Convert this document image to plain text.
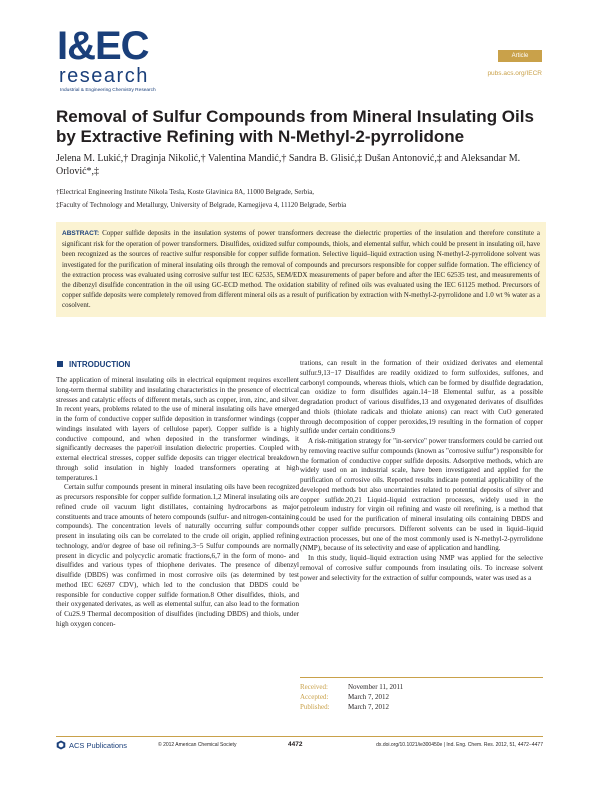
I&EC
research
Industrial & Engineering Chemistry Research
Article
pubs.acs.org/IECR
Removal of Sulfur Compounds from Mineral Insulating Oils by Extractive Refining with N-Methyl-2-pyrrolidone
Jelena M. Lukić,† Draginja Nikolić,† Valentina Mandić,† Sandra B. Glisić,‡ Dušan Antonović,‡ and Aleksandar M. Orlović*,‡
†Electrical Engineering Institute Nikola Tesla, Koste Glavinica 8A, 11000 Belgrade, Serbia,
‡Faculty of Technology and Metallurgy, University of Belgrade, Karnegijeva 4, 11120 Belgrade, Serbia
ABSTRACT: Copper sulfide deposits in the insulation systems of power transformers decrease the dielectric properties of the insulation and therefore constitute a significant risk for the operation of power transformers. Disulfides, oxidized sulfur compounds, thiols, and elemental sulfur, which could be present in insulating oil, have been recognized as the sources of reactive sulfur responsible for copper sulfide formation. Selective liquid–liquid extraction using N-methyl-2-pyrrolidone solvent was investigated for the purification of mineral insulating oils through the removal of compounds and precursors responsible for copper sulfide formation. The efficiency of the extraction process was evaluated using corrosive sulfur test IEC 62535, SEM/EDX measurements of paper before and after the IEC 62535 test, and measurements of the dibenzyl disulfide concentration in the oil using GC-ECD method. The oxidation stability of refined oils was evaluated using the IEC 61125 method. Precursors of copper sulfide deposits were completely removed from different mineral oils as a result of purification by extraction with N-methyl-2-pyrrolidone and 1.0 wt % water as a cosolvent.
INTRODUCTION

The application of mineral insulating oils in electrical equipment requires excellent long-term thermal stability and insulating characteristics in the presence of electrical stresses and catalytic effects of different metals, such as copper, iron, zinc, and silver. In recent years, problems related to the use of mineral insulating oils have emerged in the form of conductive copper sulfide deposition in transformer windings (copper windings insulated with layers of cellulose paper). Copper sulfide is a highly conductive compound, and when deposited in the transformer windings, it significantly decreases the paper/oil insulation dielectric properties. Coupled with external electrical stresses, copper sulfide deposits can trigger electrical breakdown through solid insulation in highly loaded transformers operating at high temperatures.1

Certain sulfur compounds present in mineral insulating oils have been recognized as precursors responsible for copper sulfide formation.1,2 Mineral insulating oils are refined crude oil vacuum light distillates, containing hydrocarbons as major constituents and trace amounts of hetero compounds (sulfur- and nitrogen-containing compounds). The concentration levels of naturally occurring sulfur compounds present in insulating oils can be correlated to the crude oil origin, applied refining technology, and/or degree of base oil refining.3−5 Sulfur compounds are normally present in dicyclic and polycyclic aromatic fractions,6,7 in the form of mono- and disulfides and various types of thiophene derivates. The presence of dibenzyl disulfide (DBDS) was confirmed in most corrosive oils (as determined by test method IEC 62697 CDV), which led to the conclusion that DBDS could be responsible for conductive copper sulfide formation.8 Other disulfides, thiols, and their oxygenated derivates, as well as elemental sulfur, can also lead to the formation of Cu2S.9 Thermal decomposition of disulfides (including DBDS) and thiols, under high oxygen concen-

trations, can result in the formation of their oxidized derivates and elemental sulfur.9,13−17 Disulfides are readily oxidized to form sulfoxides, sulfones, and carbonyl compounds, whereas thiols, which can be formed by disulfide degradation, can oxidize to form disulfides again.14−18 Elemental sulfur, as a possible degradation product of various disulfides,13 and oxygenated derivates of disulfides and thiols (thiolate radicals and thiolate anions) can react with CuO generated through decomposition of copper peroxides,19 resulting in the formation of copper sulfide under certain conditions.9

A risk-mitigation strategy for "in-service" power transformers could be carried out by removing reactive sulfur compounds (known as "corrosive sulfur") responsible for the formation of conductive copper sulfide deposits. Adsorptive methods, which are widely used on an industrial scale, have been investigated and applied for the purification of corrosive oils. Reported results indicate potential applicability of the developed methods but also uncertainties related to potential deposits of silver and copper sulfide.20,21 Liquid–liquid extraction processes, widely used in the petroleum industry for virgin oil refining and waste oil rerefining, is a method that could be used for the purification of mineral insulating oils containing DBDS and other copper sulfide precursors. Different solvents can be used in liquid–liquid extraction processes, but one of the most commonly used is N-methyl-2-pyrrolidone (NMP), because of its selectivity and ease of application and handling.

In this study, liquid–liquid extraction using NMP was applied for the selective removal of corrosive sulfur compounds from insulating oils. To increase solvent power and selectivity for the extraction of sulfur compounds, water was used as a

Received:	November 11, 2011
Accepted:	March 7, 2012
Published:	March 7, 2012
ACS Publications	© 2012 American Chemical Society	4472	dx.doi.org/10.1021/ie300450e | Ind. Eng. Chem. Res. 2012, 51, 4472−4477
